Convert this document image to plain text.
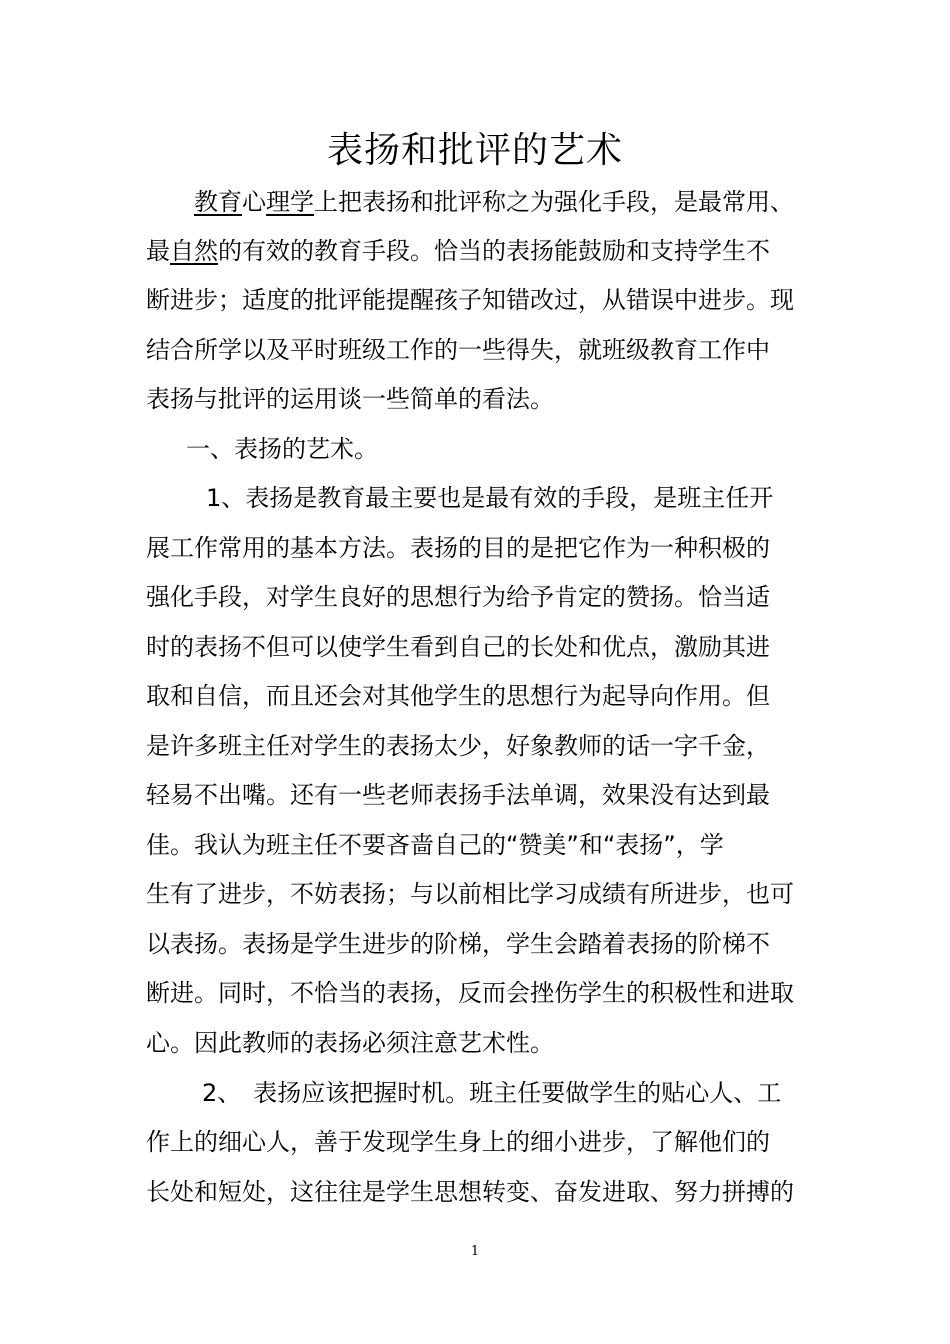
表扬和批评的艺术

教育心理学上把表扬和批评称之为强化手段，是最常用、

最自然的有效的教育手段。恰当的表扬能鼓励和支持学生不

断进步；适度的批评能提醒孩子知错改过，从错误中进步。现

结合所学以及平时班级工作的一些得失，就班级教育工作中

表扬与批评的运用谈一些简单的看法。

一、表扬的艺术。

1、表扬是教育最主要也是最有效的手段，是班主任开

展工作常用的基本方法。表扬的目的是把它作为一种积极的

强化手段，对学生良好的思想行为给予肯定的赞扬。恰当适

时的表扬不但可以使学生看到自己的长处和优点，激励其进

取和自信，而且还会对其他学生的思想行为起导向作用。但

是许多班主任对学生的表扬太少，好象教师的话一字千金，

轻易不出嘴。还有一些老师表扬手法单调，效果没有达到最

佳。我认为班主任不要吝啬自己的“赞美”和“表扬”，学

生有了进步，不妨表扬；与以前相比学习成绩有所进步，也可

以表扬。表扬是学生进步的阶梯，学生会踏着表扬的阶梯不

断进。同时，不恰当的表扬，反而会挫伤学生的积极性和进取

心。因此教师的表扬必须注意艺术性。

2、　表扬应该把握时机。班主任要做学生的贴心人、工

作上的细心人，善于发现学生身上的细小进步，了解他们的

长处和短处，这往往是学生思想转变、奋发进取、努力拼搏的

1
